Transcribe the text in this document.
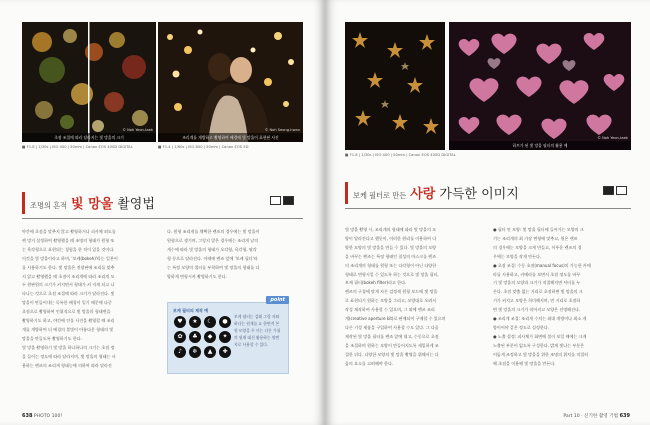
초점 조절에 따라 달라지는 빛 망울의 크기
© Noh Yeon-taek
조리개를 개방하고 촬영하여 배경에 빛 망울이 표현된 사진
© Noh Seong-hwan
■ F1.8 | 1/30s | ISO 400 | 50mm | Canon EOS 400D DIGITAL	■ F1.4 | 1/60s | ISO 800 | 50mm | Canon EOS 5D
조명의 흔적 빛 망울 촬영법

야간에 초점을 맞추지 않고 촬영하거나 피사체 외도를

렌 망거 설정하여 촬영했을 때 조명의 형태가 원형 또

는 육각형으로 표현되는 경험을 한 적이 있을 것이다.

이것을 빛 망울이라고 하며, '보케(bokeh)'라는 일본어

를 사용하기도 한다. 빛 망울은 전광판에 조리를 맞추

지 않고 촬영했을 때 초점이 조리개에 따라 조리개 모

두 원판원의 크기가 커지면서 형태가 커 지게 되고 나

타나는 것으로 초점 조절에 따라 크기가 달라진다. 빛

망울이 만들어내는 독특한 배경이 일기 때문에 다중

초점으로 촬영하여 인위적으로 빛 망울의 형태변을

촬영하기도 하고, 야간에 인물 사진을 촬영할 때 조리

개를 개방하여 더 배경의 불빛이 아름다운 형태의 빛

망울을 만들도록 촬영하기도 한다.

빛 망울 촬영하기 빛 망울 하나하나의 크기는 초점 정

을 들어는 정도에 따라 달라지며, 빛 망울의 형태는 사

용하는 렌즈의 조리개 형태능에 의하여 따라 달라진

다. 원형 조리개를 채택한 렌즈의 경우에는 빛 망울이

원형으로 생기며, 그렇지 않은 경우에는 조리개 날의

개수에 따라 빛 망울의 형태가 오각형, 육각형, 팔각

형 등으로 달라진다. 이때에 렌즈 앞에 '보케 필터'라

는 특정 모양의 셀터를 부착하여 빛 망울의 형태를 다

양하게 변형시켜 촬영하기도 한다.

point
보케 필터의 제작 예
♥	★	☾	●
✿	♣	◆	✦
♪	❄	▲	✚
보케 필터는 검쇄 그림 자와 하다는 원재를 요 한면적 본 원 모양을 꾸 미는 다른 가위의 원재 대신 활용하는 양면지로 사용할 수 있다.
638 PHOTO 100!
하트가 된 빛 망울 필터의 활용 예
© Noh Yeon-taek
■ F1.8 | 1/30s | ISO 400 | 50mm | Canon EOS 400D DIGITAL
보케 필터로 만든 사랑 가득한 이미지

빛 망울 촬영 시, 조리개의 형태에 따라 빛 망울의 모

양이 달라진다고 했듯이, 이러한 원리를 이용하여 다

양한 모양의 빛 망울을 만들 수 있다. 빛 망울의 모양

을 바꾸는 렌즈는 특정 형태인 칠성의 마스크를 렌즈

의 조리개의 형태를 원형 또는 다각형이 아닌 다양한

형태로 변형시킬 수 있도록 하는 것으로 빛 망울 필터,

보케 필터(bokeh filter)라고 한다.

렌즈의 구경에 맞게 자른 검정색 원형 보드에 빛 망울

로 표현되기 원하는 모양을 그리고, 모양대로 오려서

작성 제작하여 사용할 수 있으며, 그 외에 렌즈 조리

개(creative aperture kit)로 판매되어 구매할 수 있으며

다른 기성 제품을 구입하여 사용할 수도 있다. 그 다음

제작된 빛 망울 필터를 렌즈 앞에 대고, 수동으로 초점

을 조절하며 원하는 모양이 만들어지도록 세밀하게 조

절한 뒤다. 다양한 모양의 빛 망울 촬영을 위해서는 다

음의 요소를 고려해야 한다.

● 필터 안 모양: 빛 망울 필터에 들어가는 모양의 크

기는 조리개의 최 가장 면형에 맞추고, 원은 렌즈

의 경우에는 모양을 크게 만들고, 이뚜운 렌즈의 경

우에는 모양을 작게 만든다.

● 초점 조절: 수동 초점(manual focus)의 가능한 카메

라를 사용하고, 카메라를 보면서 초점 정도를 바꾸

기 빛 망울의 모양과 크기가 적절해지면 셔터를 누

른다. 초점 맞춤 없는 거리로 초점하면 빛 망울의 크

기가 커지고 모양은 희미해지며, 먼 거리로 초점하

면 빛 망울의 크기가 작아지고 모양은 선명해진다.

● 조리개 조절: 조리개 수치는 최대 개방이나 최소 개

방이어야 같은 정도로 설정한다.

● 노출 결정: 피사체가 화면에 불이 보일 때에는 크게

노출된 부분이 없도록 구성한다. 밝게 빛나는 부분은

어둡게 조정하고 빛 망울을 위한 조명의 위치를 적절히

해 초점을 이용해 빛 망울을 만든다.

Part 10 · 신기한 촬영 기법 639
